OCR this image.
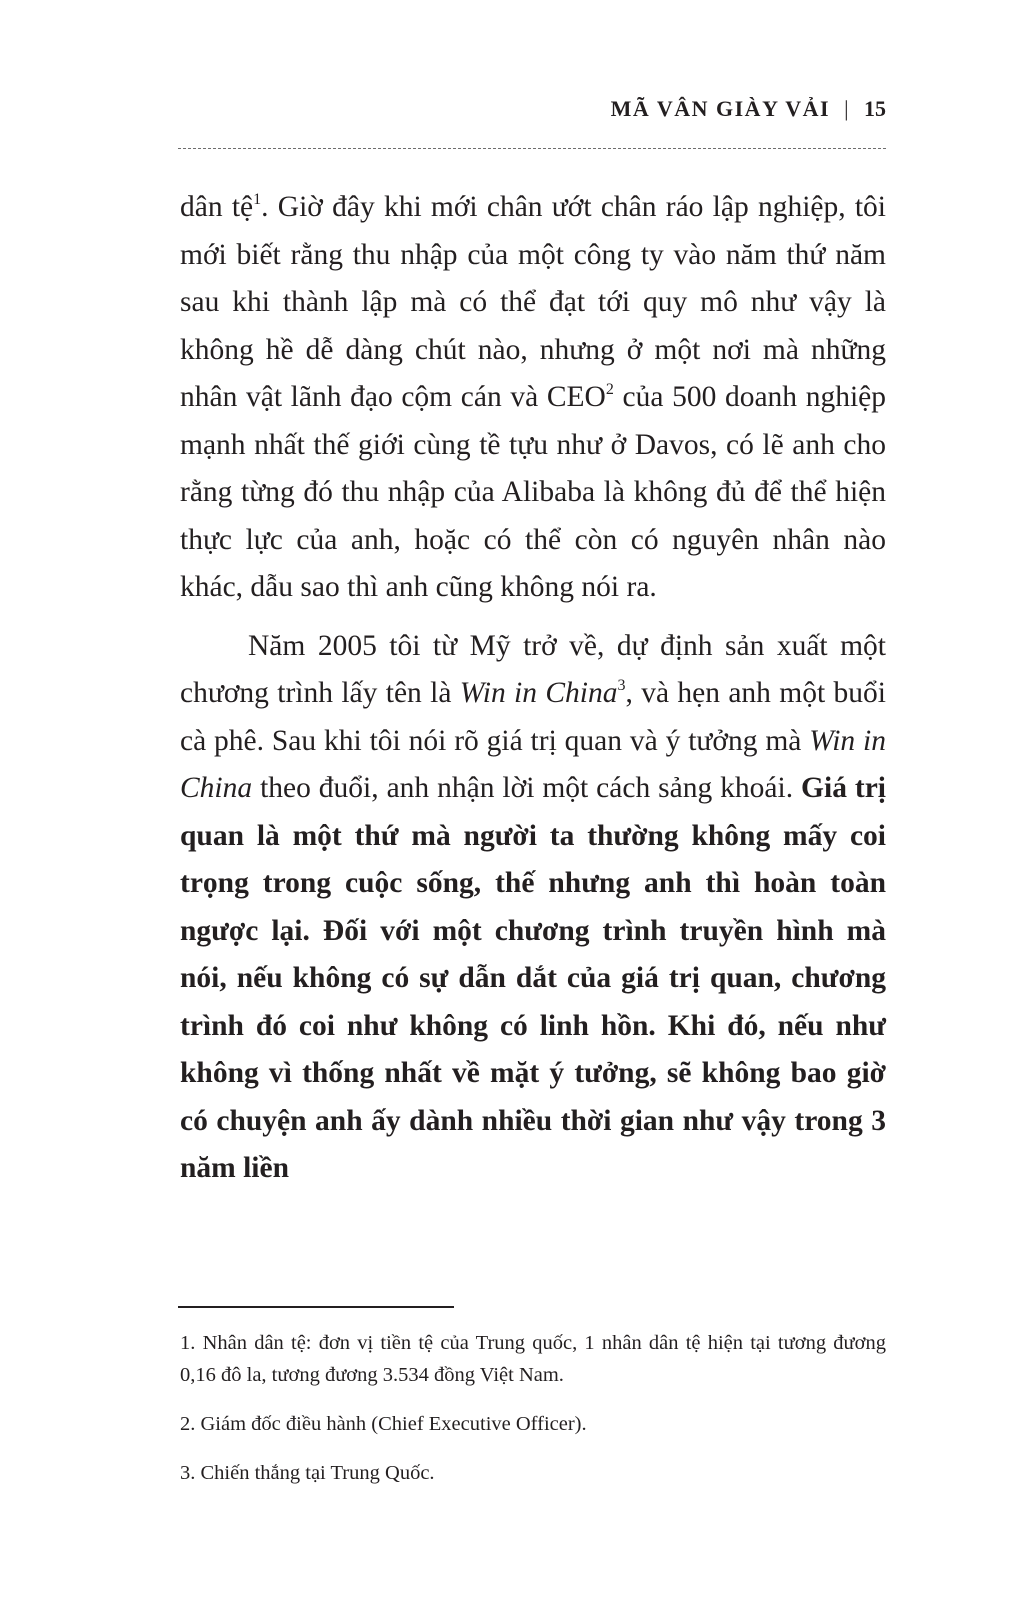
MÃ VÂN GIÀY VẢI | 15

dân tệ$^1$. Giờ đây khi mới chân ướt chân ráo lập nghiệp, tôi mới biết rằng thu nhập của một công ty vào năm thứ năm sau khi thành lập mà có thể đạt tới quy mô như vậy là không hề dễ dàng chút nào, nhưng ở một nơi mà những nhân vật lãnh đạo cộm cán và CEO$^2$ của 500 doanh nghiệp mạnh nhất thế giới cùng tề tựu như ở Davos, có lẽ anh cho rằng từng đó thu nhập của Alibaba là không đủ để thể hiện thực lực của anh, hoặc có thể còn có nguyên nhân nào khác, dẫu sao thì anh cũng không nói ra.

Năm 2005 tôi từ Mỹ trở về, dự định sản xuất một chương trình lấy tên là Win in China$^3$, và hẹn anh một buổi cà phê. Sau khi tôi nói rõ giá trị quan và ý tưởng mà Win in China theo đuổi, anh nhận lời một cách sảng khoái. Giá trị quan là một thứ mà người ta thường không mấy coi trọng trong cuộc sống, thế nhưng anh thì hoàn toàn ngược lại. Đối với một chương trình truyền hình mà nói, nếu không có sự dẫn dắt của giá trị quan, chương trình đó coi như không có linh hồn. Khi đó, nếu như không vì thống nhất về mặt ý tưởng, sẽ không bao giờ có chuyện anh ấy dành nhiều thời gian như vậy trong 3 năm liền

1. Nhân dân tệ: đơn vị tiền tệ của Trung quốc, 1 nhân dân tệ hiện tại tương đương 0,16 đô la, tương đương 3.534 đồng Việt Nam.

2. Giám đốc điều hành (Chief Executive Officer).

3. Chiến thắng tại Trung Quốc.
